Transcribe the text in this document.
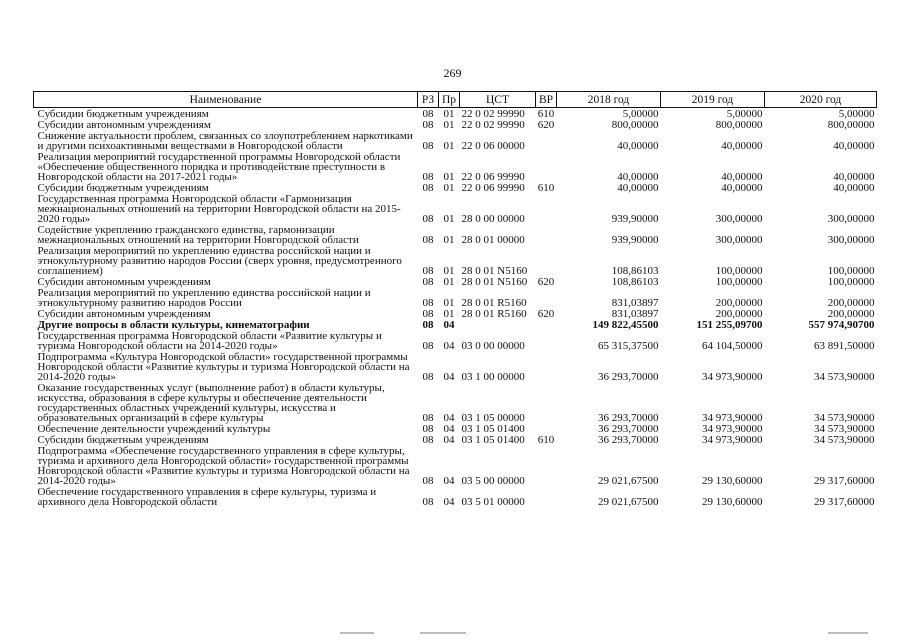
269
Наименование	РЗ	Пр	ЦСТ	ВР	2018 год	2019 год	2020 год
Субсидии бюджетным учреждениям	08	01	22 0 02 99990	610	5,00000	5,00000	5,00000
Субсидии автономным учреждениям	08	01	22 0 02 99990	620	800,00000	800,00000	800,00000
Снижение актуальности проблем, связанных со злоупотреблением наркотиками и другими психоактивными веществами в Новгородской области	08	01	22 0 06 00000		40,00000	40,00000	40,00000
Реализация мероприятий государственной программы Новгородской области «Обеспечение общественного порядка и противодействие преступности в Новгородской области на 2017-2021 годы»	08	01	22 0 06 99990		40,00000	40,00000	40,00000
Субсидии бюджетным учреждениям	08	01	22 0 06 99990	610	40,00000	40,00000	40,00000
Государственная программа Новгородской области «Гармонизация межнациональных отношений на территории Новгородской области на 2015-2020 годы»	08	01	28 0 00 00000		939,90000	300,00000	300,00000
Содействие укреплению гражданского единства, гармонизации межнациональных отношений на территории Новгородской области	08	01	28 0 01 00000		939,90000	300,00000	300,00000
Реализация мероприятий по укреплению единства российской нации и этнокультурному развитию народов России (сверх уровня, предусмотренного соглашением)	08	01	28 0 01 N5160		108,86103	100,00000	100,00000
Субсидии автономным учреждениям	08	01	28 0 01 N5160	620	108,86103	100,00000	100,00000
Реализация мероприятий по укреплению единства российской нации и этнокультурному развитию народов России	08	01	28 0 01 R5160		831,03897	200,00000	200,00000
Субсидии автономным учреждениям	08	01	28 0 01 R5160	620	831,03897	200,00000	200,00000
Другие вопросы в области культуры, кинематографии	08	04			149 822,45500	151 255,09700	557 974,90700
Государственная программа Новгородской области «Развитие культуры и туризма Новгородской области на 2014-2020 годы»	08	04	03 0 00 00000		65 315,37500	64 104,50000	63 891,50000
Подпрограмма «Культура Новгородской области» государственной программы Новгородской области «Развитие культуры и туризма Новгородской области на 2014-2020 годы»	08	04	03 1 00 00000		36 293,70000	34 973,90000	34 573,90000
Оказание государственных услуг (выполнение работ) в области культуры, искусства, образования в сфере культуры и обеспечение деятельности государственных областных учреждений культуры, искусства и образовательных организаций в сфере культуры	08	04	03 1 05 00000		36 293,70000	34 973,90000	34 573,90000
Обеспечение деятельности учреждений культуры	08	04	03 1 05 01400		36 293,70000	34 973,90000	34 573,90000
Субсидии бюджетным учреждениям	08	04	03 1 05 01400	610	36 293,70000	34 973,90000	34 573,90000
Подпрограмма «Обеспечение государственного управления в сфере культуры, туризма и архивного дела Новгородской области» государственной программы Новгородской области «Развитие культуры и туризма Новгородской области на 2014-2020 годы»	08	04	03 5 00 00000		29 021,67500	29 130,60000	29 317,60000
Обеспечение государственного управления в сфере культуры, туризма и архивного дела Новгородской области	08	04	03 5 01 00000		29 021,67500	29 130,60000	29 317,60000
